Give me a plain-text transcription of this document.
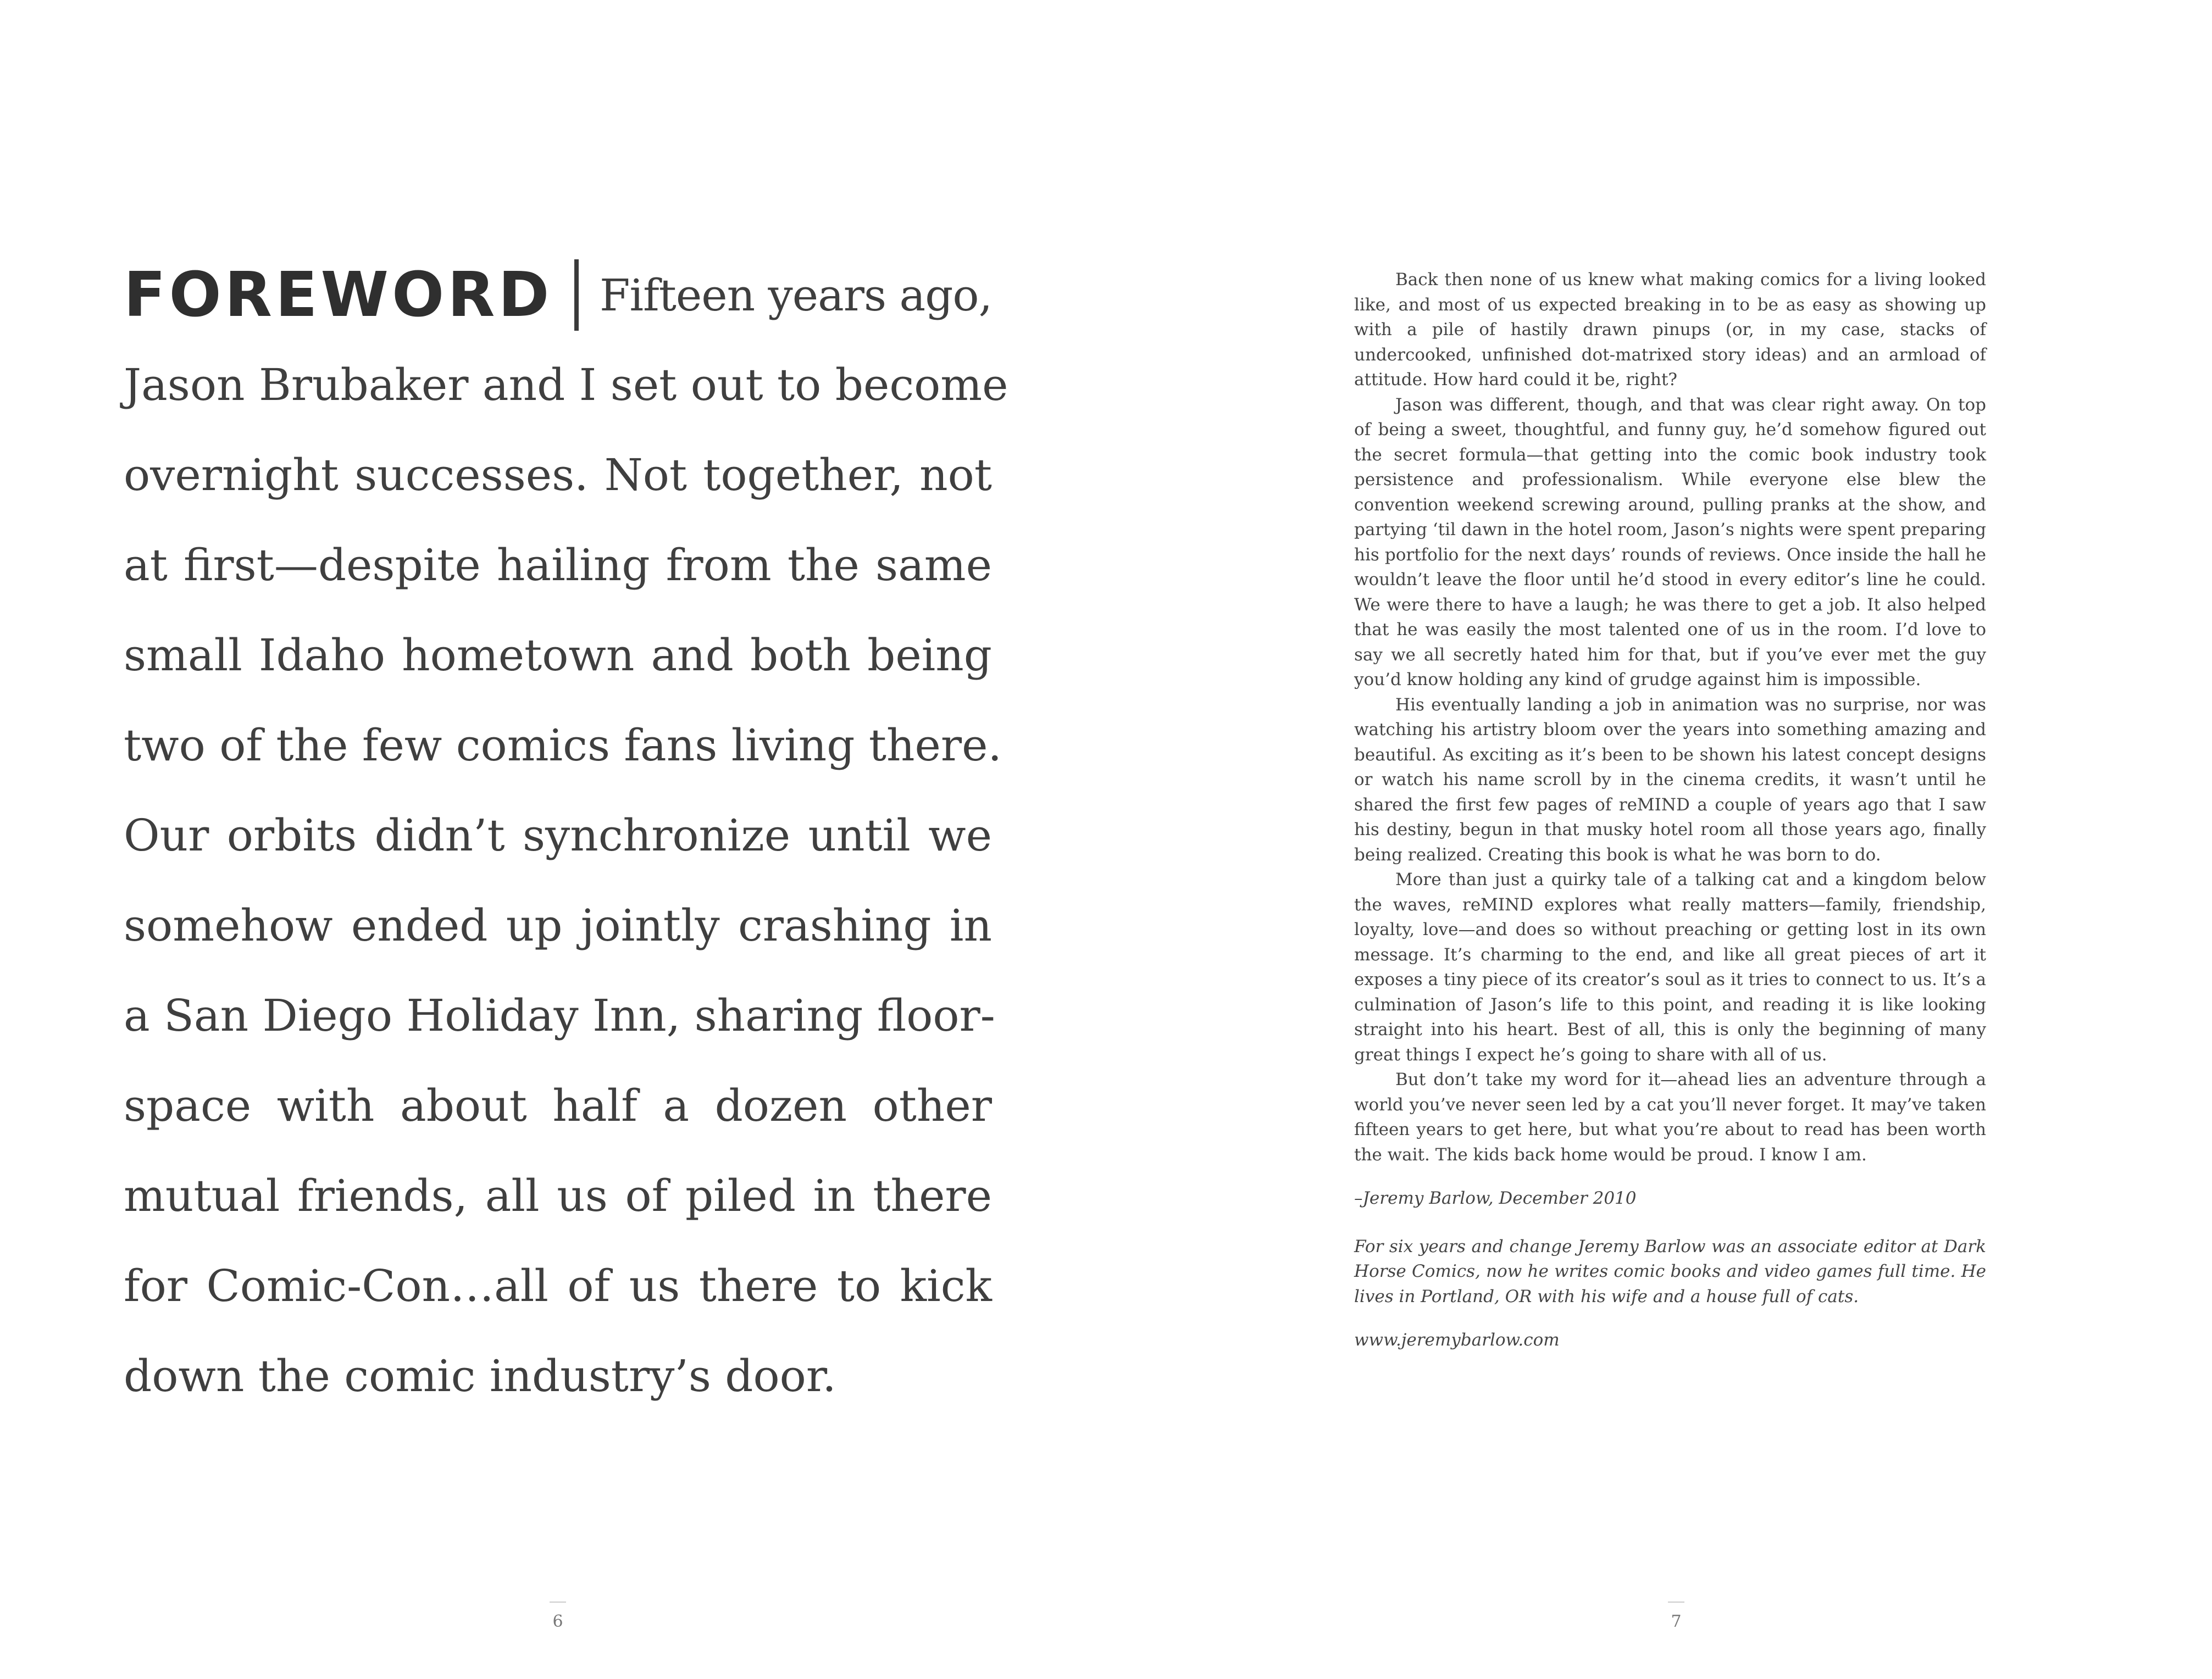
FOREWORD Fifteen years ago,
Jason Brubaker and I set out to become
overnight successes. Not together, not
at first—despite hailing from the same
small Idaho hometown and both being
two of the few comics fans living there.
Our orbits didn’t synchronize until we
somehow ended up jointly crashing in
a San Diego Holiday Inn, sharing floor-
space with about half a dozen other
mutual friends, all us of piled in there
for Comic-Con…all of us there to kick
down the comic industry’s door.
6

Back then none of us knew what making comics for a living looked like, and most of us expected breaking in to be as easy as showing up with a pile of hastily drawn pinups (or, in my case, stacks of undercooked, unfinished dot-matrixed story ideas) and an armload of attitude. How hard could it be, right?

Jason was different, though, and that was clear right away. On top of being a sweet, thoughtful, and funny guy, he’d somehow figured out the secret formula—that getting into the comic book industry took persistence and professionalism. While everyone else blew the convention weekend screwing around, pulling pranks at the show, and partying ‘til dawn in the hotel room, Jason’s nights were spent preparing his portfolio for the next days’ rounds of reviews. Once inside the hall he wouldn’t leave the floor until he’d stood in every editor’s line he could. We were there to have a laugh; he was there to get a job. It also helped that he was easily the most talented one of us in the room. I’d love to say we all secretly hated him for that, but if you’ve ever met the guy you’d know holding any kind of grudge against him is impossible.

His eventually landing a job in animation was no surprise, nor was watching his artistry bloom over the years into something amazing and beautiful. As exciting as it’s been to be shown his latest concept designs or watch his name scroll by in the cinema credits, it wasn’t until he shared the first few pages of reMIND a couple of years ago that I saw his destiny, begun in that musky hotel room all those years ago, finally being realized. Creating this book is what he was born to do.

More than just a quirky tale of a talking cat and a kingdom below the waves, reMIND explores what really matters—family, friendship, loyalty, love—and does so without preaching or getting lost in its own message. It’s charming to the end, and like all great pieces of art it exposes a tiny piece of its creator’s soul as it tries to connect to us. It’s a culmination of Jason’s life to this point, and reading it is like looking straight into his heart. Best of all, this is only the beginning of many great things I expect he’s going to share with all of us.

But don’t take my word for it—ahead lies an adventure through a world you’ve never seen led by a cat you’ll never forget. It may’ve taken fifteen years to get here, but what you’re about to read has been worth the wait. The kids back home would be proud. I know I am.

–Jeremy Barlow, December 2010

For six years and change Jeremy Barlow was an associate editor at Dark Horse Comics, now he writes comic books and video games full time. He lives in Portland, OR with his wife and a house full of cats.

www.jeremybarlow.com

7
